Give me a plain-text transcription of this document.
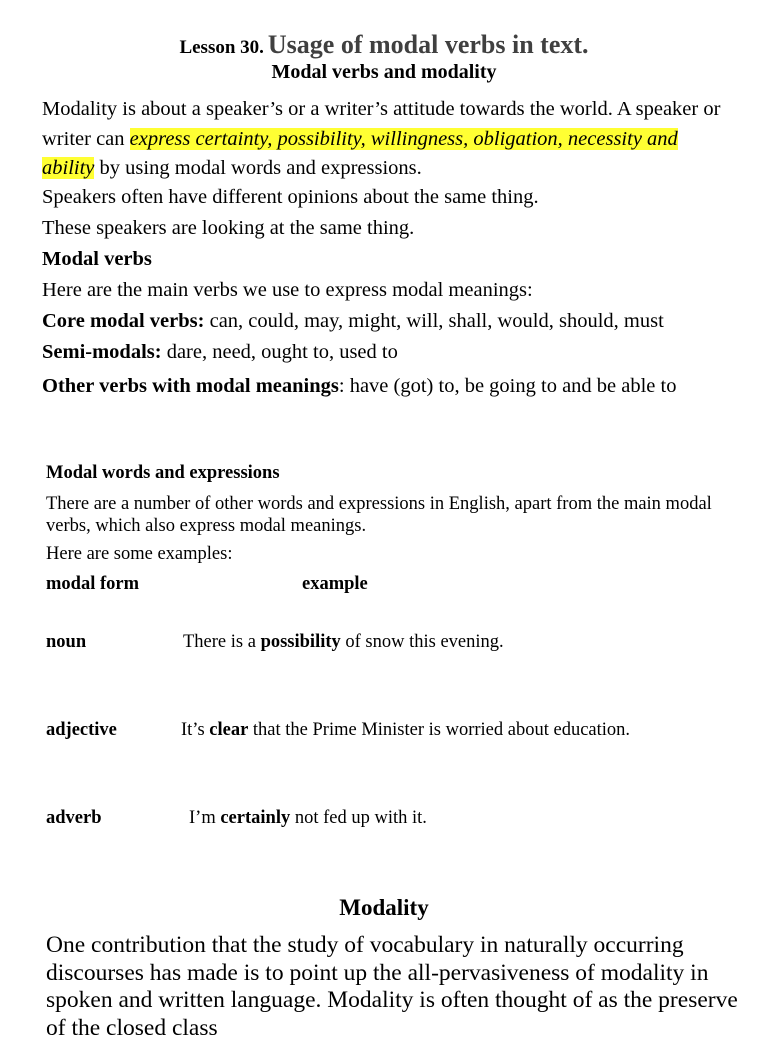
Lesson 30. Usage of modal verbs in text.
Modal verbs and modality
Modality is about a speaker’s or a writer’s attitude towards the world. A speaker or writer can express certainty, possibility, willingness, obligation, necessity and ability by using modal words and expressions.
Speakers often have different opinions about the same thing.
These speakers are looking at the same thing.
Modal verbs
Here are the main verbs we use to express modal meanings:
Core modal verbs: can, could, may, might, will, shall, would, should, must
Semi-modals: dare, need, ought to, used to
Other verbs with modal meanings: have (got) to, be going to and be able to
Modal words and expressions
There are a number of other words and expressions in English, apart from the main modal verbs, which also express modal meanings.
Here are some examples:
modal form	example
noun	There is a possibility of snow this evening.
adjective	It’s clear that the Prime Minister is worried about education.
adverb	I’m certainly not fed up with it.
Modality
One contribution that the study of vocabulary in naturally occurring discourses has made is to point up the all-pervasiveness of modality in spoken and written language. Modality is often thought of as the preserve of the closed class
